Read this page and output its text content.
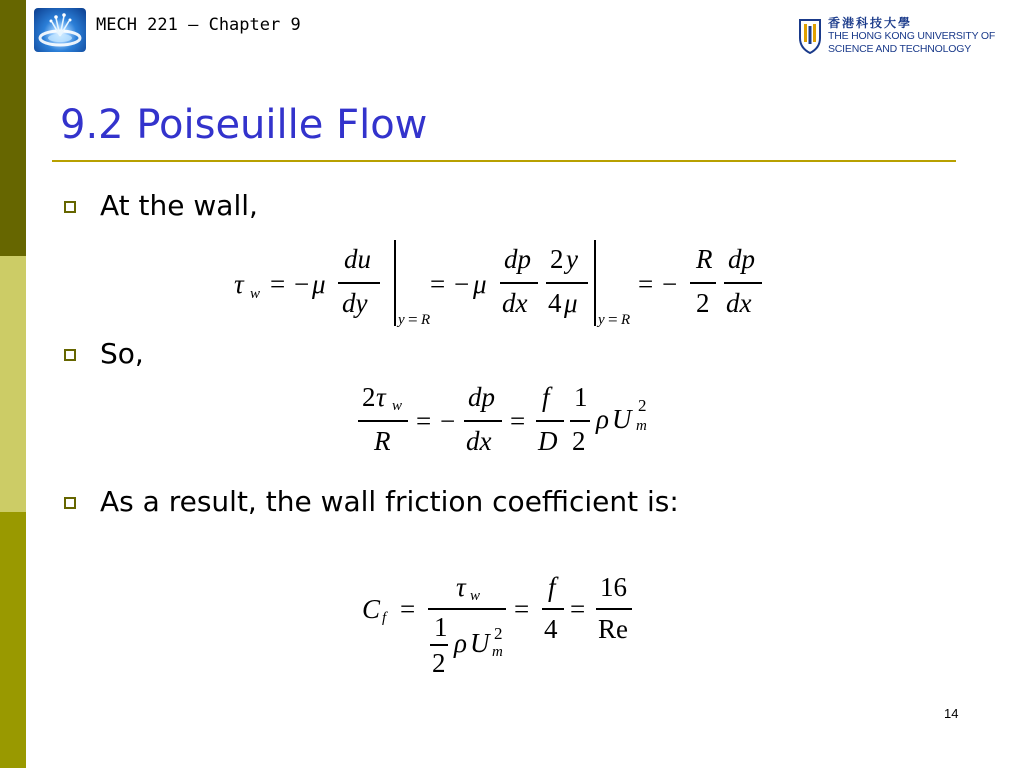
MECH 221 – Chapter 9	香港科技大學
THE HONG KONG UNIVERSITY OF
SCIENCE AND TECHNOLOGY
9.2 Poiseuille Flow
At the wall,
τ w = − μ
du
dy
y = R
= − μ
dp
dx
2 y
4 μ
y = R
= −
R
2
dp
dx
So,
2 τ w
R
= −
dp
dx
=
f
D
1
2
ρ U 2
m
As a result, the wall friction coefficient is:
C f =
τ w
1
2
ρ U 2
m
=
f
4
=
16
Re
14
